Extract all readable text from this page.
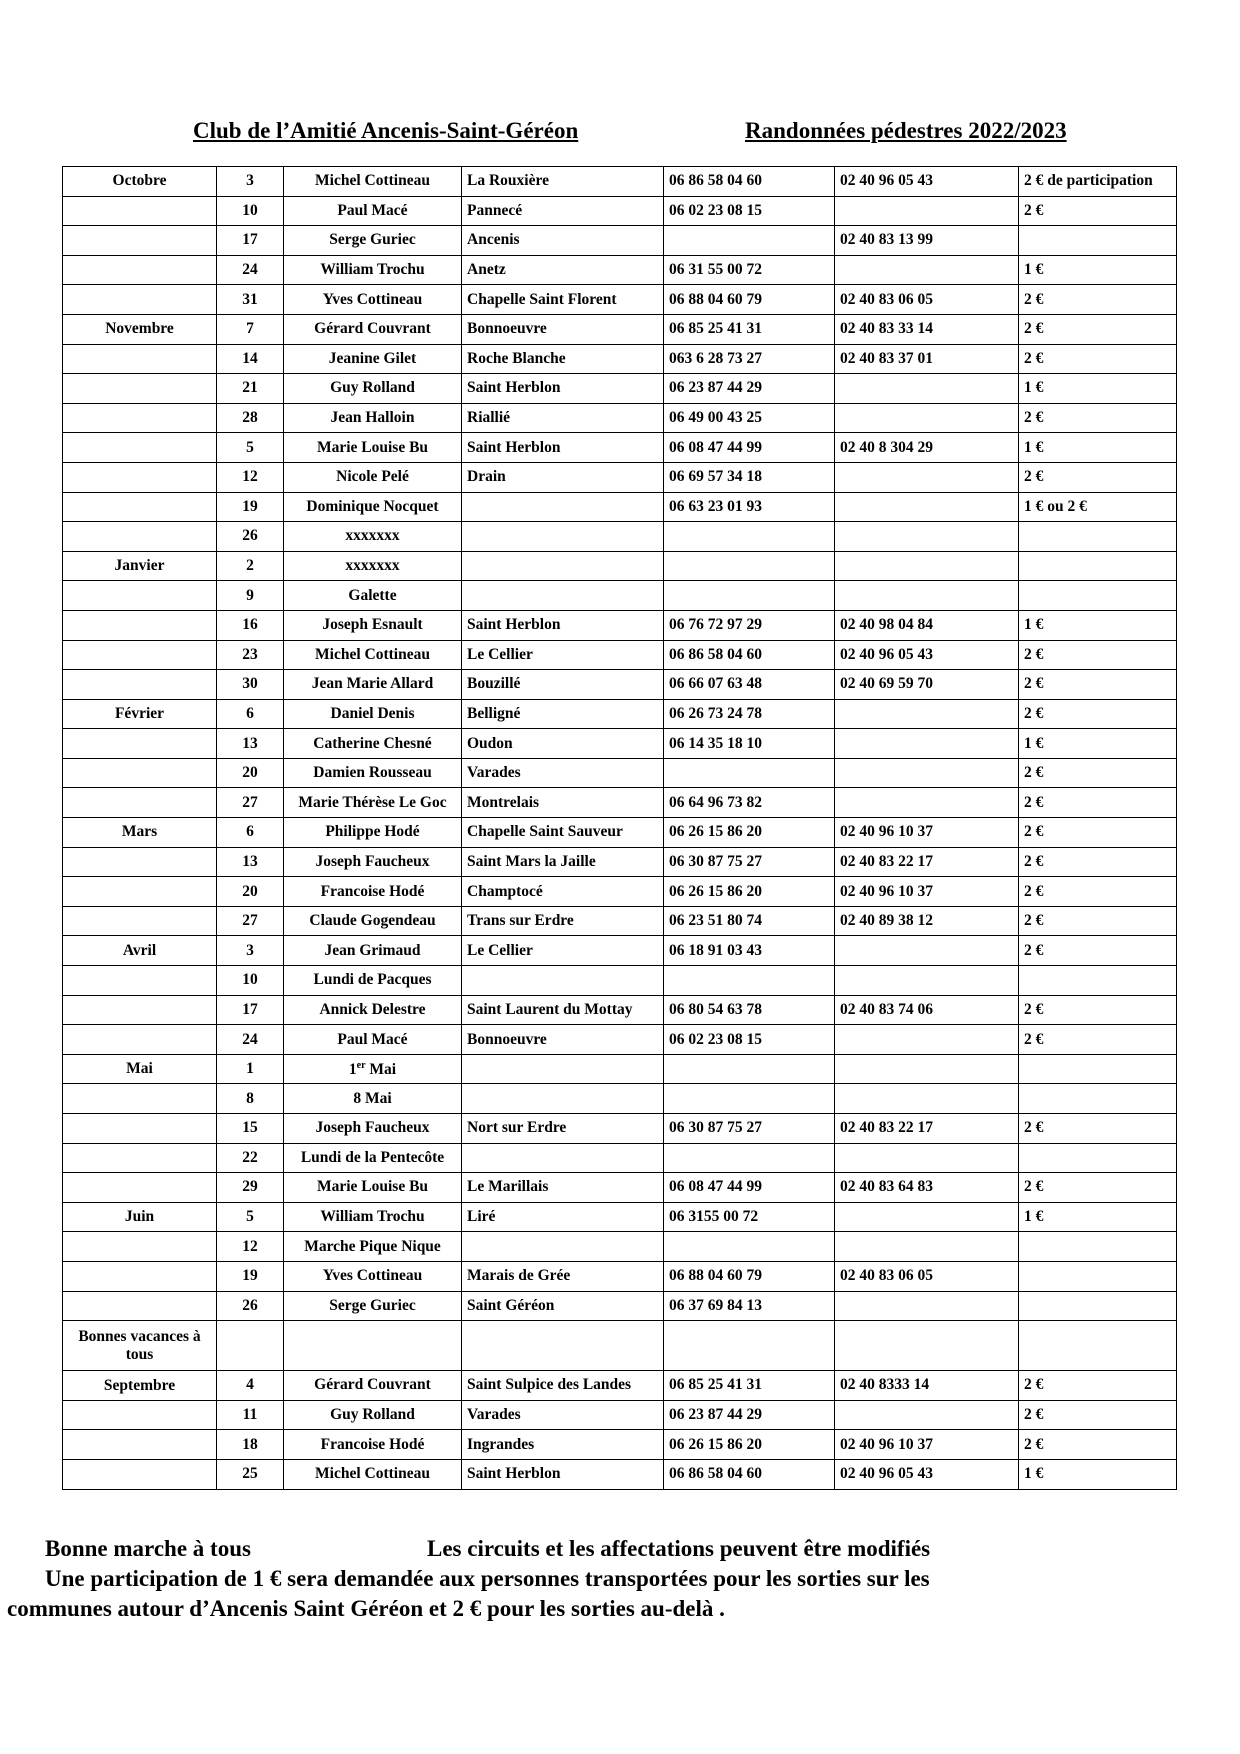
Club de l’Amitié Ancenis-Saint-Géréon	Randonnées pédestres 2022/2023
Octobre	3	Michel Cottineau	La Rouxière	06 86 58 04 60	02 40 96 05 43	2 € de participation
	10	Paul Macé	Pannecé	06 02 23 08 15		2 €
	17	Serge Guriec	Ancenis		02 40 83 13 99	
	24	William Trochu	Anetz	06 31 55 00 72		1 €
	31	Yves Cottineau	Chapelle Saint Florent	06 88 04 60 79	02 40 83 06 05	2 €
Novembre	7	Gérard Couvrant	Bonnoeuvre	06 85 25 41 31	02 40 83 33 14	2 €
	14	Jeanine Gilet	Roche Blanche	063 6 28 73 27	02 40 83 37 01	2 €
	21	Guy Rolland	Saint Herblon	06 23 87 44 29		1 €
	28	Jean Halloin	Riallié	06 49 00 43 25		2 €
	5	Marie Louise Bu	Saint Herblon	06 08 47 44 99	02 40 8 304 29	1 €
	12	Nicole Pelé	Drain	06 69 57 34 18		2 €
	19	Dominique Nocquet		06 63 23 01 93		1 € ou 2 €
	26	xxxxxxx				
Janvier	2	xxxxxxx				
	9	Galette				
	16	Joseph Esnault	Saint Herblon	06 76 72 97 29	02 40 98 04 84	1 €
	23	Michel Cottineau	Le Cellier	06 86 58 04 60	02 40 96 05 43	2 €
	30	Jean Marie Allard	Bouzillé	06 66 07 63 48	02 40 69 59 70	2 €
Février	6	Daniel Denis	Belligné	06 26 73 24 78		2 €
	13	Catherine Chesné	Oudon	06 14 35 18 10		1 €
	20	Damien Rousseau	Varades			2 €
	27	Marie Thérèse Le Goc	Montrelais	06 64 96 73 82		2 €
Mars	6	Philippe Hodé	Chapelle Saint Sauveur	06 26 15 86 20	02 40 96 10 37	2 €
	13	Joseph Faucheux	Saint Mars la Jaille	06 30 87 75 27	02 40 83 22 17	2 €
	20	Francoise Hodé	Champtocé	06 26 15 86 20	02 40 96 10 37	2 €
	27	Claude Gogendeau	Trans sur Erdre	06 23 51 80 74	02 40 89 38 12	2 €
Avril	3	Jean Grimaud	Le Cellier	06 18 91 03 43		2 €
	10	Lundi de Pacques				
	17	Annick Delestre	Saint Laurent du Mottay	06 80 54 63 78	02 40 83 74 06	2 €
	24	Paul Macé	Bonnoeuvre	06 02 23 08 15		2 €
Mai	1	1er Mai				
	8	8 Mai				
	15	Joseph Faucheux	Nort sur Erdre	06 30 87 75 27	02 40 83 22 17	2 €
	22	Lundi de la Pentecôte				
	29	Marie Louise Bu	Le Marillais	06 08 47 44 99	02 40 83 64 83	2 €
Juin	5	William Trochu	Liré	06 3155 00 72		1 €
	12	Marche Pique Nique				
	19	Yves Cottineau	Marais de Grée	06 88 04 60 79	02 40 83 06 05	
	26	Serge Guriec	Saint Géréon	06 37 69 84 13		
Bonnes vacances à tous						
Septembre	4	Gérard Couvrant	Saint Sulpice des Landes	06 85 25 41 31	02 40 8333 14	2 €
	11	Guy Rolland	Varades	06 23 87 44 29		2 €
	18	Francoise Hodé	Ingrandes	06 26 15 86 20	02 40 96 10 37	2 €
	25	Michel Cottineau	Saint Herblon	06 86 58 04 60	02 40 96 05 43	1 €
Bonne marche à tous	Les circuits et les affectations peuvent être modifiés
Une participation de 1 € sera demandée aux personnes transportées pour les sorties sur les
communes autour d’Ancenis Saint Géréon et 2 € pour les sorties au-delà .
